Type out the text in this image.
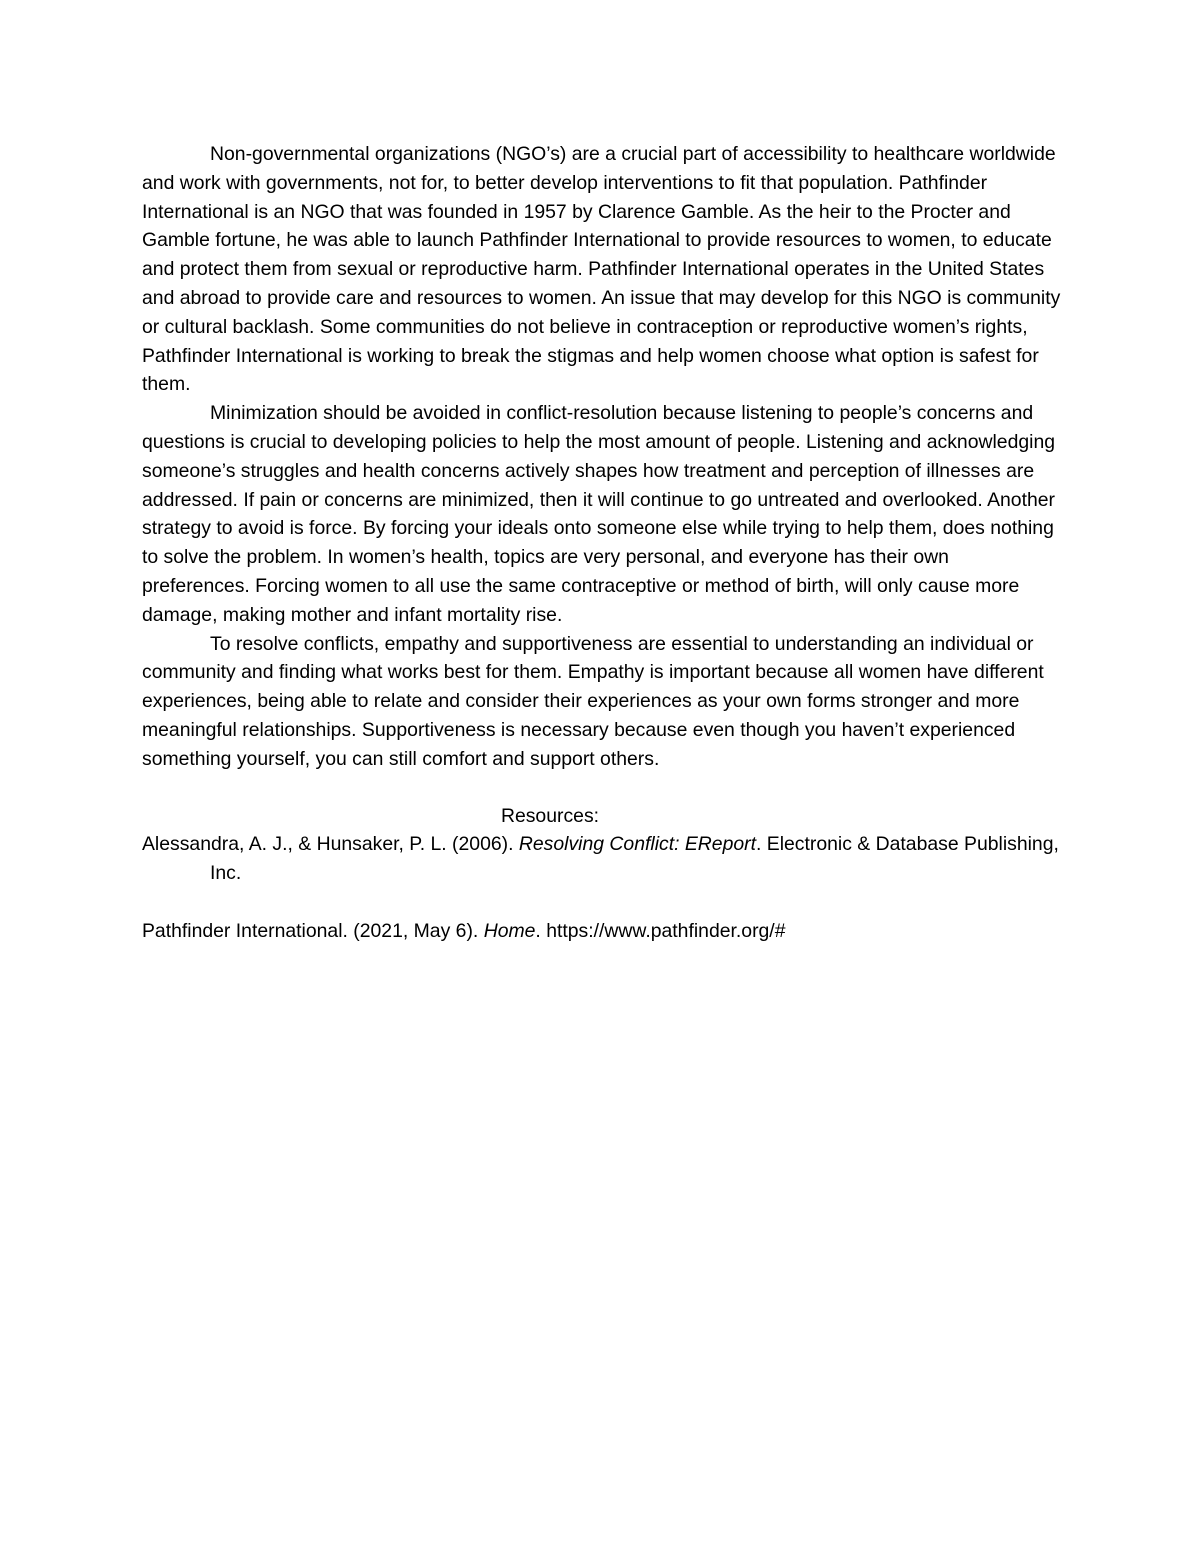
Non-governmental organizations (NGO’s) are a crucial part of accessibility to healthcare worldwide and work with governments, not for, to better develop interventions to fit that population. Pathfinder International is an NGO that was founded in 1957 by Clarence Gamble. As the heir to the Procter and Gamble fortune, he was able to launch Pathfinder International to provide resources to women, to educate and protect them from sexual or reproductive harm. Pathfinder International operates in the United States and abroad to provide care and resources to women. An issue that may develop for this NGO is community or cultural backlash. Some communities do not believe in contraception or reproductive women’s rights, Pathfinder International is working to break the stigmas and help women choose what option is safest for them.

Minimization should be avoided in conflict-resolution because listening to people’s concerns and questions is crucial to developing policies to help the most amount of people. Listening and acknowledging someone’s struggles and health concerns actively shapes how treatment and perception of illnesses are addressed. If pain or concerns are minimized, then it will continue to go untreated and overlooked. Another strategy to avoid is force. By forcing your ideals onto someone else while trying to help them, does nothing to solve the problem. In women’s health, topics are very personal, and everyone has their own preferences. Forcing women to all use the same contraceptive or method of birth, will only cause more damage, making mother and infant mortality rise.

To resolve conflicts, empathy and supportiveness are essential to understanding an individual or community and finding what works best for them. Empathy is important because all women have different experiences, being able to relate and consider their experiences as your own forms stronger and more meaningful relationships. Supportiveness is necessary because even though you haven’t experienced something yourself, you can still comfort and support others.

Resources:

Alessandra, A. J., & Hunsaker, P. L. (2006). Resolving Conflict: EReport. Electronic & Database Publishing, Inc.

Pathfinder International. (2021, May 6). Home. https://www.pathfinder.org/#
